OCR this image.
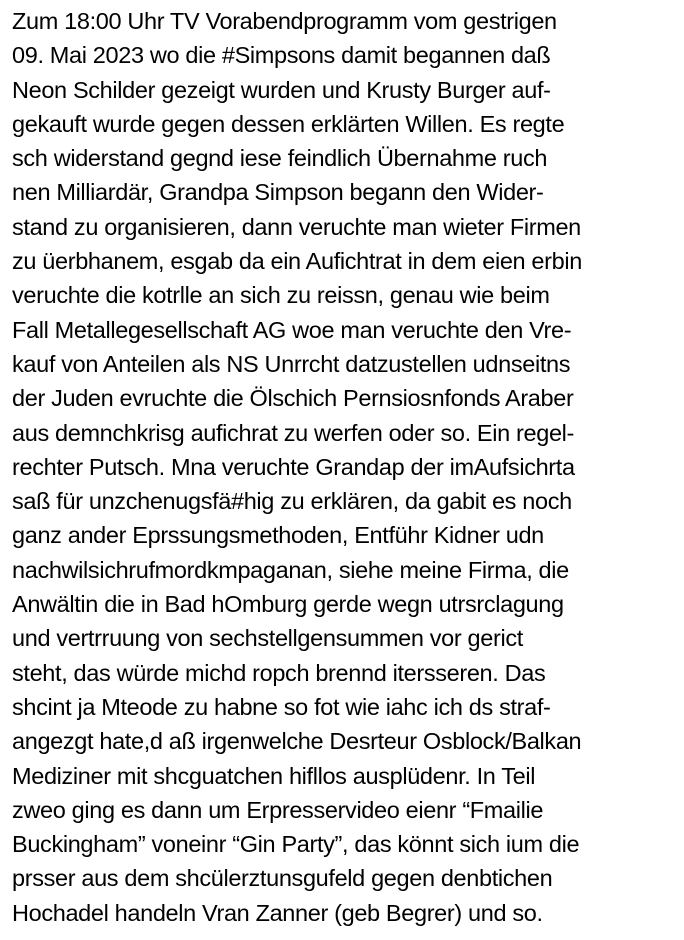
Zum 18:00 Uhr TV Vorabendprogramm vom gestrigen
09. Mai 2023 wo die #Simpsons damit begannen daß
Neon Schilder gezeigt wurden und Krusty Burger auf-
gekauft wurde gegen dessen erklärten Willen. Es regte
sch widerstand gegnd iese feindlich Übernahme ruch
nen Milliardär, Grandpa Simpson begann den Wider-
stand zu organisieren, dann veruchte man wieter Firmen
zu üerbhanem, esgab da ein Aufichtrat in dem eien erbin
veruchte die kotrlle an sich zu reissn, genau wie beim
Fall Metallegesellschaft AG woe man veruchte den Vre-
kauf von Anteilen als NS Unrrcht datzustellen udnseitns
der Juden evruchte die Ölschich Pernsiosnfonds Araber
aus demnchkrisg aufichrat zu werfen oder so. Ein regel-
rechter Putsch. Mna veruchte Grandap der imAufsichrta
saß für unzchenugsfä#hig zu erklären, da gabit es noch
ganz ander Eprssungsmethoden, Entführ Kidner udn
nachwilsichrufmordkmpaganan, siehe meine Firma, die
Anwältin die in Bad hOmburg gerde wegn utrsrclagung
und vertrruung von sechstellgensummen vor gerict
steht, das würde michd ropch brennd itersseren. Das
shcint ja Mteode zu habne so fot wie iahc ich ds straf-
angezgt hate,d aß irgenwelche Desrteur Osblock/Balkan
Mediziner mit shcguatchen hifllos ausplüdenr. In Teil
zweo ging es dann um Erpresservideo eienr “Fmailie
Buckingham” voneinr “Gin Party”, das könnt sich ium die
prsser aus dem shcülerztunsgufeld gegen denbtichen
Hochadel handeln Vran Zanner (geb Begrer) und so.
